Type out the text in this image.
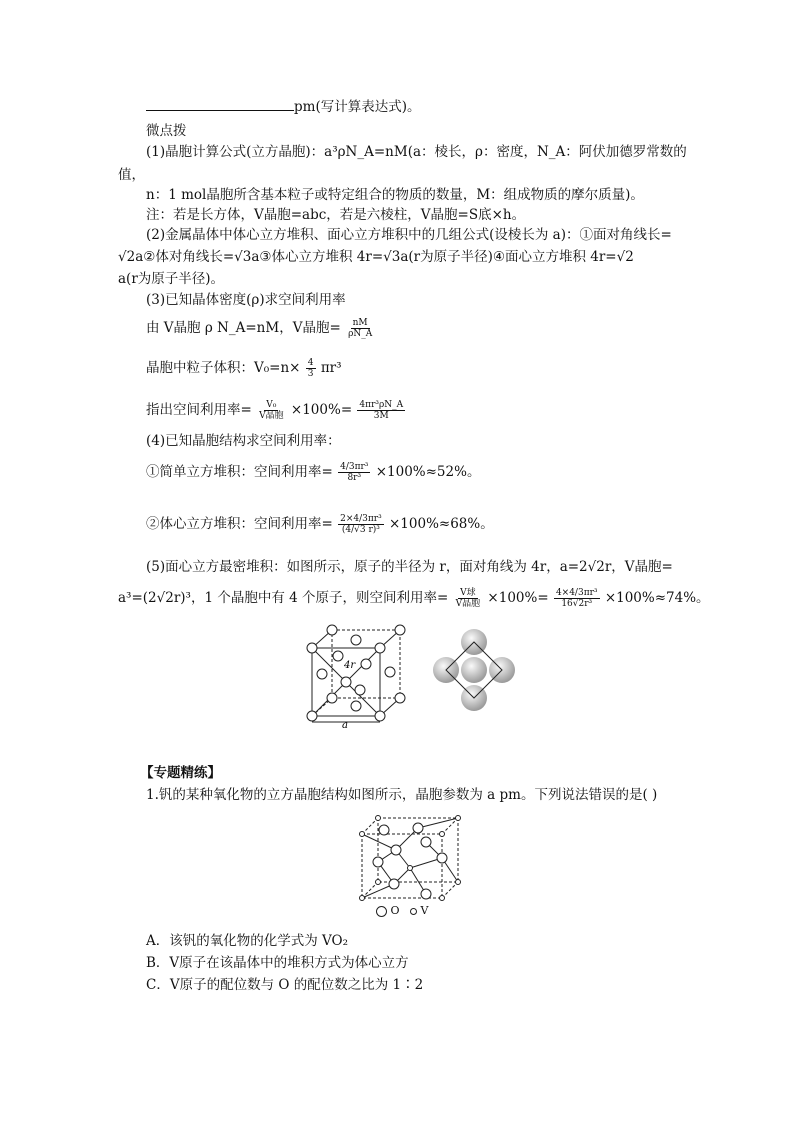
pm(写计算表达式)。
微点拨
(1)晶胞计算公式(立方晶胞)：a³ρN_A=nM(a：棱长，ρ：密度，N_A：阿伏加德罗常数的
值，
n：1 mol晶胞所含基本粒子或特定组合的物质的数量，M：组成物质的摩尔质量)。
注：若是长方体，V晶胞=abc，若是六棱柱，V晶胞=S底×h。
(2)金属晶体中体心立方堆积、面心立方堆积中的几组公式(设棱长为 a)：①面对角线长=
√2a②体对角线长=√3a③体心立方堆积 4r=√3a(r为原子半径)④面心立方堆积 4r=√2
a(r为原子半径)。
(3)已知晶体密度(ρ)求空间利用率
由 V晶胞 ρ N_A=nM，V晶胞= $\frac{nM}{\rho N\_A}$
晶胞中粒子体积：$V_0=n\times \frac{4}{3} \pi r^3$
指出空间利用率= $\frac{\text{V₀}}{\text{V晶胞}} \times 100\%= \frac{\text{4πr³ρN\_A}}{3M}$
(4)已知晶胞结构求空间利用率：
①简单立方堆积：空间利用率= $\frac{\text{4/3πr³}}{\text{8r³}} \times 100\%\approx 52\%$。
②体心立方堆积：空间利用率= $\frac{\text{2×4/3πr³}}{\text{(4/√3 r)³}} \times 100\%\approx 68\%$。
(5)面心立方最密堆积：如图所示，原子的半径为 r，面对角线为 4r，a=2√2r，V晶胞=
a³=(2√2r)³，1 个晶胞中有 4 个原子，则空间利用率= $\frac{\text{V球}}{\text{V晶胞}} \times 100\%= \frac{\text{4×4/3πr³}}{\text{16√2r³}} \times 100\%\approx 74\%$。
4r
a
【专题精练】
1.钒的某种氧化物的立方晶胞结构如图所示，晶胞参数为 a pm。下列说法错误的是( )
O V
A．该钒的氧化物的化学式为 VO₂
B．V原子在该晶体中的堆积方式为体心立方
C．V原子的配位数与 O 的配位数之比为 1∶2
